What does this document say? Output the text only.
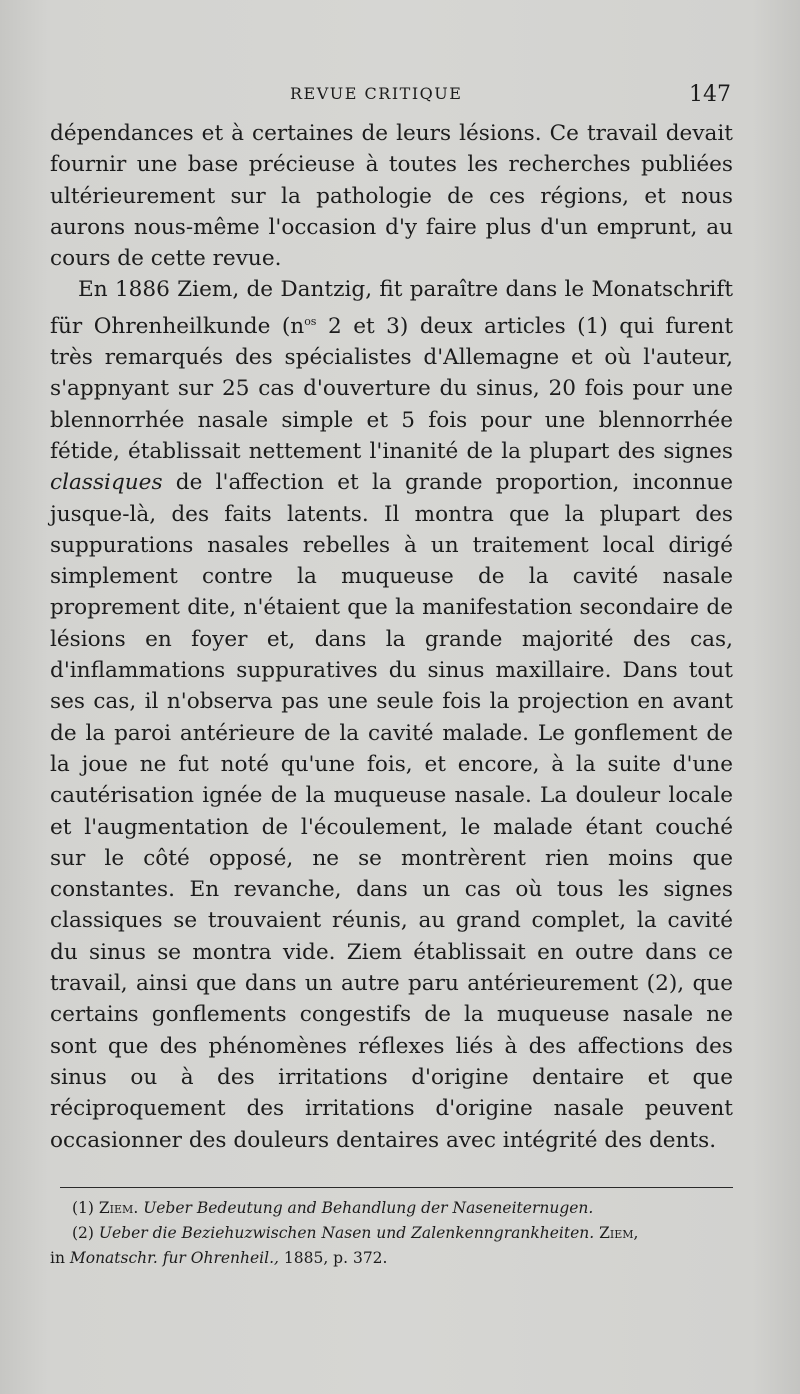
REVUE CRITIQUE	147

dépendances et à certaines de leurs lésions. Ce travail devait fournir une base précieuse à toutes les recherches publiées ultérieurement sur la pathologie de ces régions, et nous aurons nous-même l'occasion d'y faire plus d'un emprunt, au cours de cette revue.

En 1886 Ziem, de Dantzig, fit paraître dans le Monatschrift für Ohrenheilkunde ($n^{os}$ 2 et 3) deux articles (1) qui furent très remarqués des spécialistes d'Allemagne et où l'auteur, s'appnyant sur 25 cas d'ouverture du sinus, 20 fois pour une blennorrhée nasale simple et 5 fois pour une blennorrhée fétide, établissait nettement l'inanité de la plupart des signes classiques de l'affection et la grande proportion, inconnue jusque-là, des faits latents. Il montra que la plupart des suppurations nasales rebelles à un traitement local dirigé simplement contre la muqueuse de la cavité nasale proprement dite, n'étaient que la manifestation secondaire de lésions en foyer et, dans la grande majorité des cas, d'inflammations suppuratives du sinus maxillaire. Dans tout ses cas, il n'observa pas une seule fois la projection en avant de la paroi antérieure de la cavité malade. Le gonflement de la joue ne fut noté qu'une fois, et encore, à la suite d'une cautérisation ignée de la muqueuse nasale. La douleur locale et l'augmentation de l'écoulement, le malade étant couché sur le côté opposé, ne se montrèrent rien moins que constantes. En revanche, dans un cas où tous les signes classiques se trouvaient réunis, au grand complet, la cavité du sinus se montra vide. Ziem établissait en outre dans ce travail, ainsi que dans un autre paru antérieurement (2), que certains gonflements congestifs de la muqueuse nasale ne sont que des phénomènes réflexes liés à des affections des sinus ou à des irritations d'origine dentaire et que réciproquement des irritations d'origine nasale peuvent occasionner des douleurs dentaires avec intégrité des dents.

(1) Ziem. Ueber Bedeutung and Behandlung der Naseneiternugen.

(2) Ueber die Beziehuzwischen Nasen und Zalenkenngrankheiten. Ziem,
in Monatschr. fur Ohrenheil., 1885, p. 372.
